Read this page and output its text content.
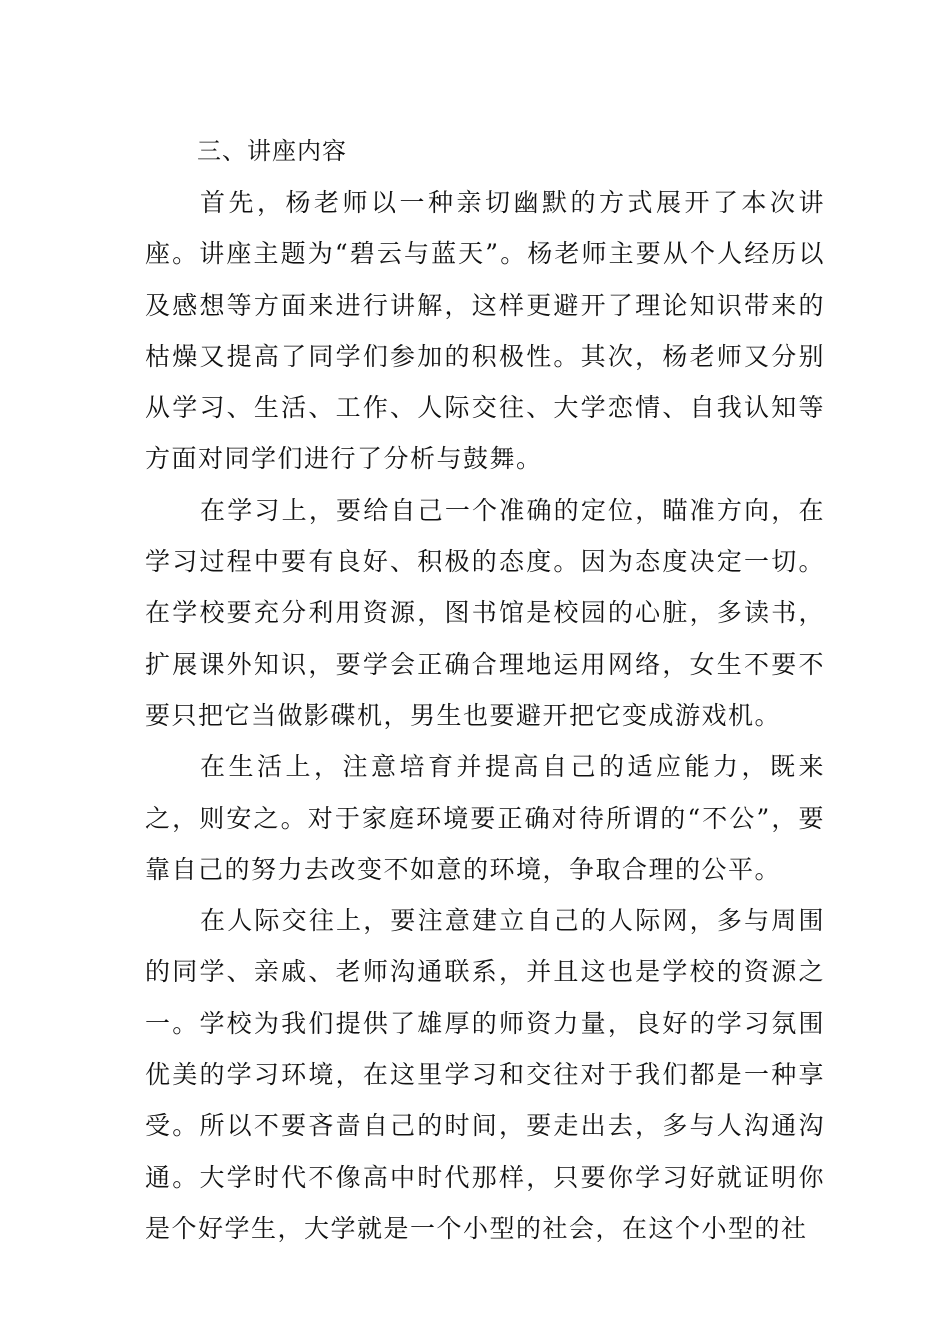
三、讲座内容

首先，杨老师以一种亲切幽默的方式展开了本次讲座。讲座主题为“碧云与蓝天”。杨老师主要从个人经历以及感想等方面来进行讲解，这样更避开了理论知识带来的枯燥又提高了同学们参加的积极性。其次，杨老师又分别从学习、生活、工作、人际交往、大学恋情、自我认知等方面对同学们进行了分析与鼓舞。

在学习上，要给自己一个准确的定位，瞄准方向，在学习过程中要有良好、积极的态度。因为态度决定一切。在学校要充分利用资源，图书馆是校园的心脏，多读书，扩展课外知识，要学会正确合理地运用网络，女生不要不要只把它当做影碟机，男生也要避开把它变成游戏机。

在生活上，注意培育并提高自己的适应能力，既来之，则安之。对于家庭环境要正确对待所谓的“不公”，要靠自己的努力去改变不如意的环境，争取合理的公平。

在人际交往上，要注意建立自己的人际网，多与周围的同学、亲戚、老师沟通联系，并且这也是学校的资源之一。学校为我们提供了雄厚的师资力量，良好的学习氛围优美的学习环境，在这里学习和交往对于我们都是一种享受。所以不要吝啬自己的时间，要走出去，多与人沟通沟通。大学时代不像高中时代那样，只要你学习好就证明你是个好学生，大学就是一个小型的社会，在这个小型的社
